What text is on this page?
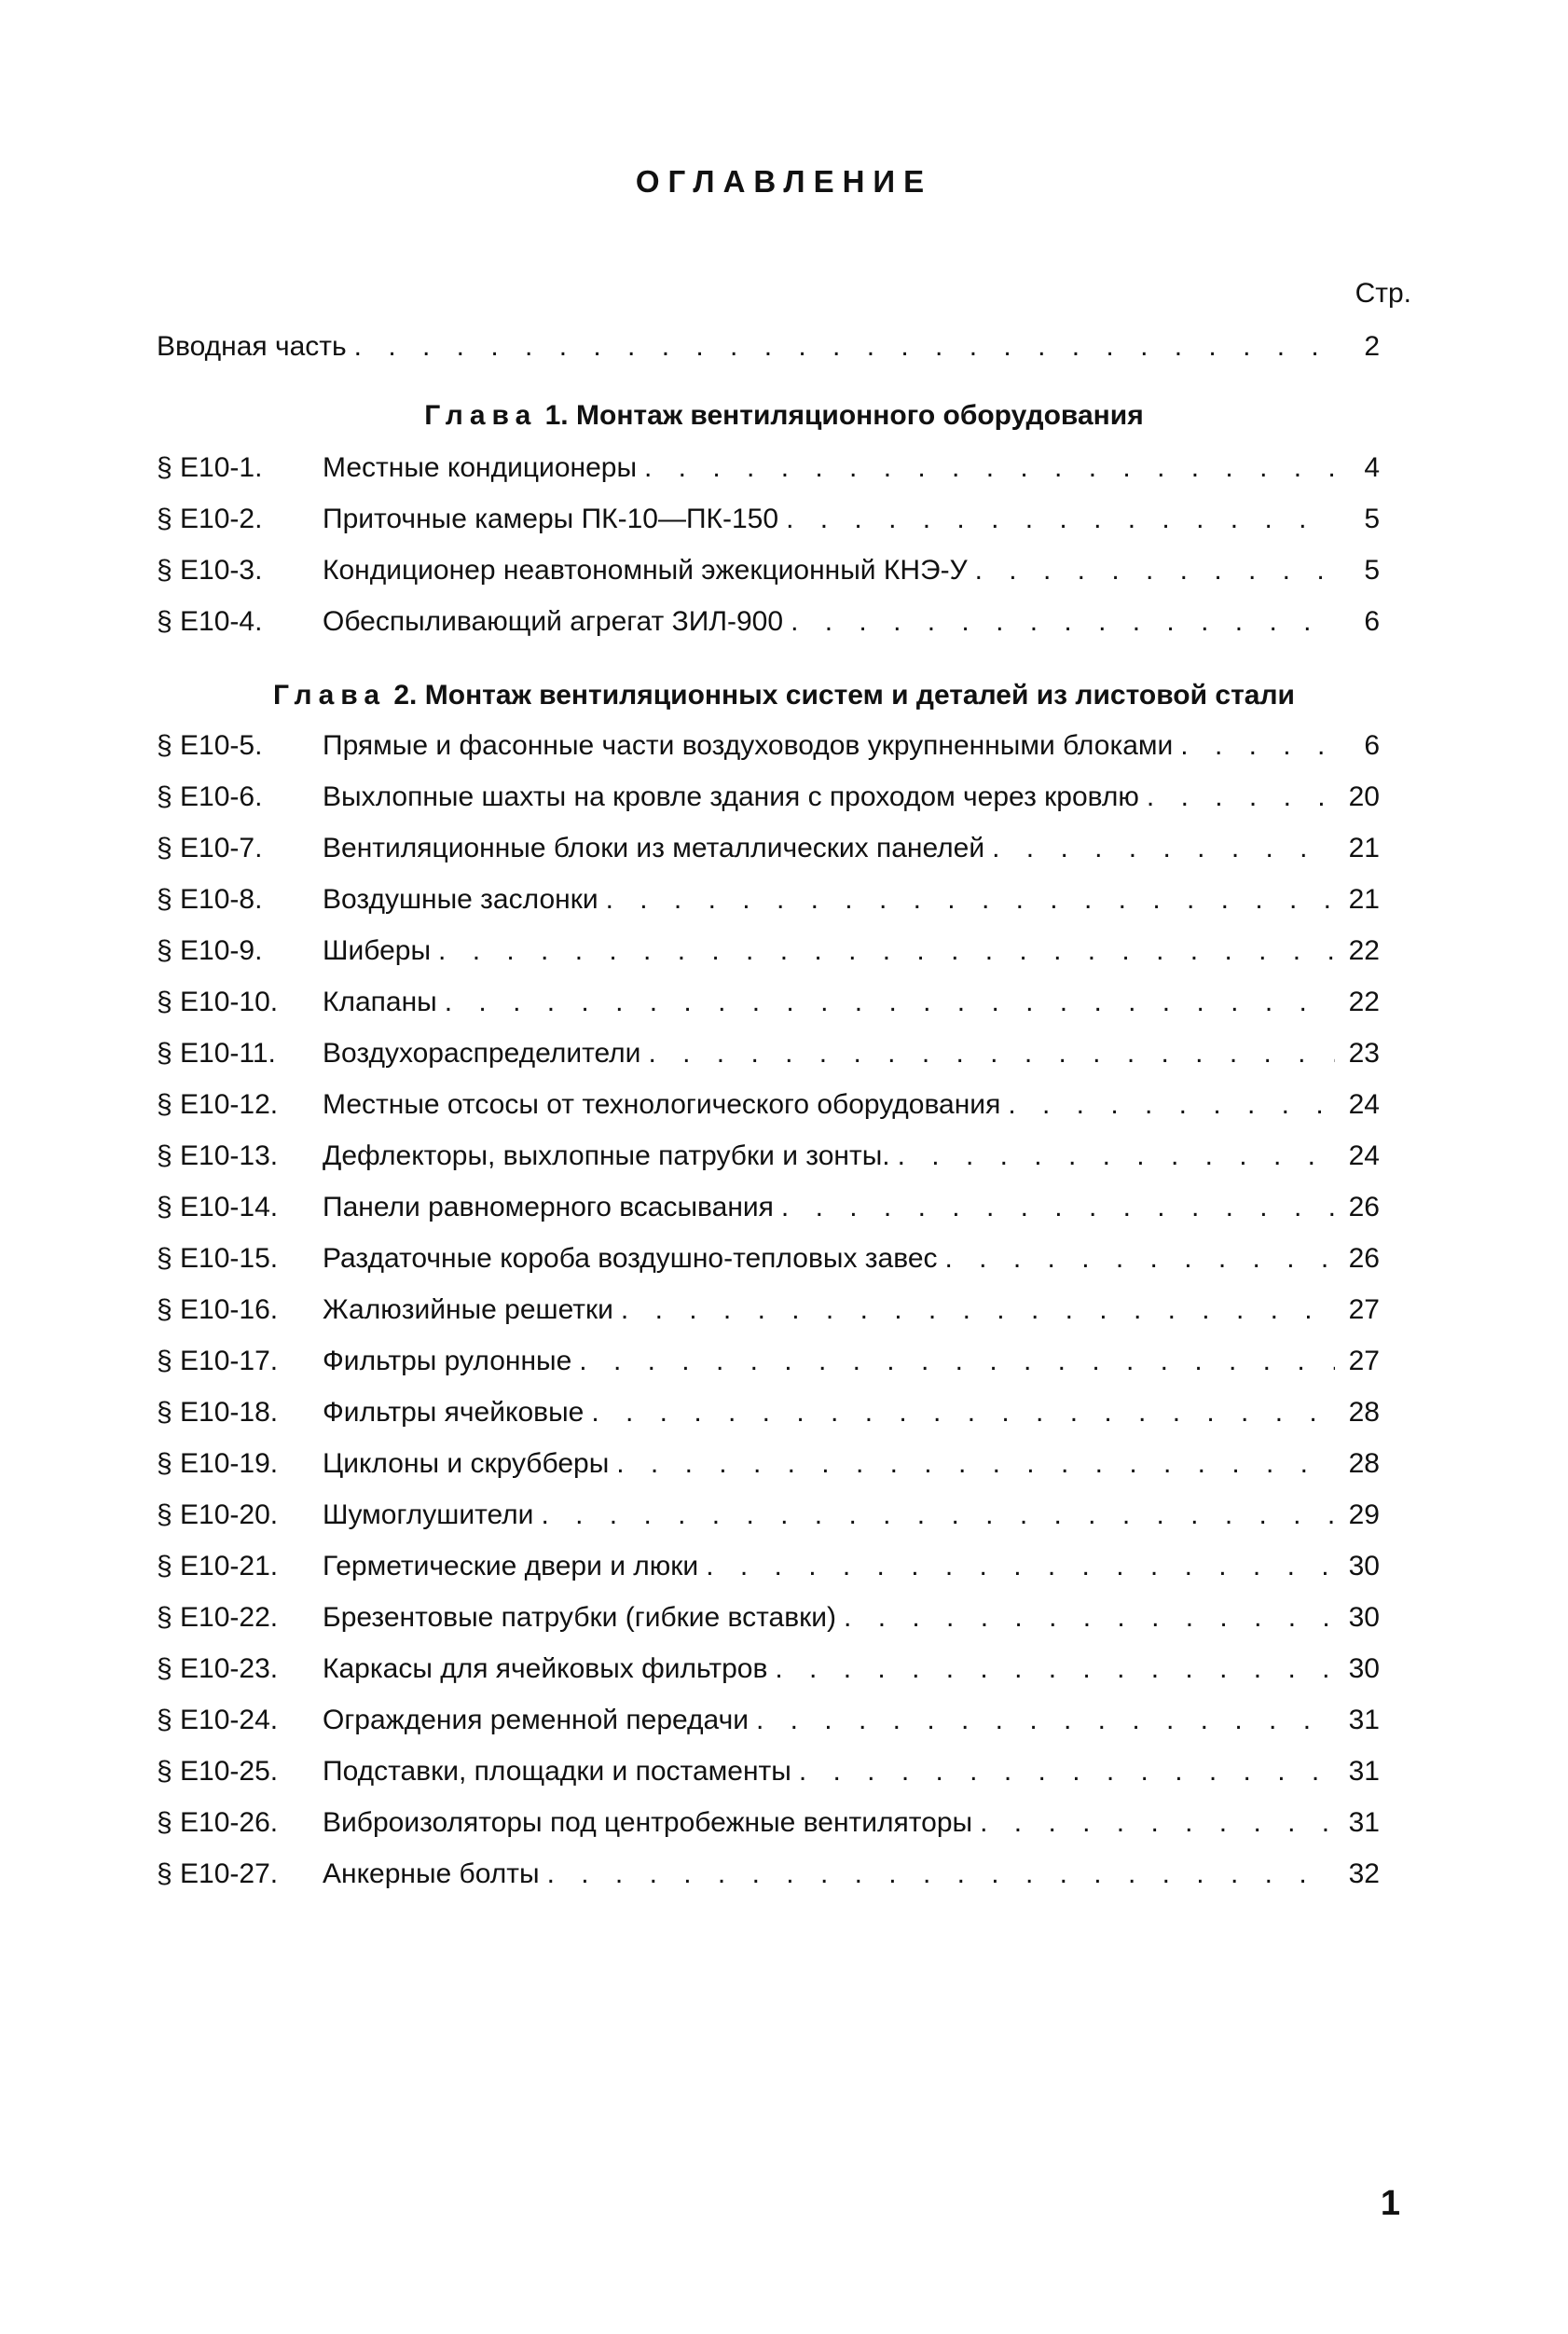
ОГЛАВЛЕНИЕ
Стр.
Вводная часть . . .	2
Глава 1. Монтаж вентиляционного оборудования
§ Е10-1.	Местные кондиционеры . . .	4
§ Е10-2.	Приточные камеры ПК-10—ПК-150 . . .	5
§ Е10-3.	Кондиционер неавтономный эжекционный КНЭ-У . . .	5
§ Е10-4.	Обеспыливающий агрегат ЗИЛ-900 . . .	6
Глава 2. Монтаж вентиляционных систем и деталей из листовой стали
§ Е10-5.	Прямые и фасонные части воздуховодов укрупненными блоками . . .	6
§ Е10-6.	Выхлопные шахты на кровле здания с проходом через кровлю . . .	20
§ Е10-7.	Вентиляционные блоки из металлических панелей . . .	21
§ Е10-8.	Воздушные заслонки . . .	21
§ Е10-9.	Шиберы . . .	22
§ Е10-10.	Клапаны . . .	22
§ Е10-11.	Воздухораспределители . . .	23
§ Е10-12.	Местные отсосы от технологического оборудования . . .	24
§ Е10-13.	Дефлекторы, выхлопные патрубки и зонты. . . .	24
§ Е10-14.	Панели равномерного всасывания . . .	26
§ Е10-15.	Раздаточные короба воздушно-тепловых завес . . .	26
§ Е10-16.	Жалюзийные решетки . . .	27
§ Е10-17.	Фильтры рулонные . . .	27
§ Е10-18.	Фильтры ячейковые . . .	28
§ Е10-19.	Циклоны и скрубберы . . .	28
§ Е10-20.	Шумоглушители . . .	29
§ Е10-21.	Герметические двери и люки . . .	30
§ Е10-22.	Брезентовые патрубки (гибкие вставки) . . .	30
§ Е10-23.	Каркасы для ячейковых фильтров . . .	30
§ Е10-24.	Ограждения ременной передачи . . .	31
§ Е10-25.	Подставки, площадки и постаменты . . .	31
§ Е10-26.	Виброизоляторы под центробежные вентиляторы . . .	31
§ Е10-27.	Анкерные болты . . .	32
1
